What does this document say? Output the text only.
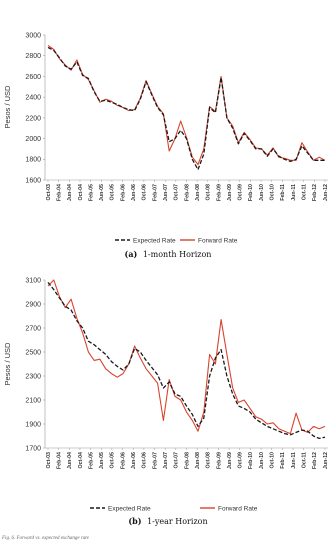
Pesos / USD
1600
1800
2000
2200
2400
2600
2800
3000
Oct-03 Feb-04 Jun-04 Oct-04 Feb-05 Jun-05 Oct-05 Feb-06 Jun-06 Oct-06 Feb-07 Jun-07 Oct-07 Feb-08 Jun-08 Oct-08 Feb-09 Jun-09 Oct-09 Feb-10 Jun-10 Oct-10 Feb-11 Jun-11 Oct-11 Feb-12 Jun-12
Expected Rate	Forward Rate
(a) 1-month Horizon
Pesos / USD
1700
1900
2100
2300
2500
2700
2900
3100
Oct-03 Feb-04 Jun-04 Oct-04 Feb-05 Jun-05 Oct-05 Feb-06 Jun-06 Oct-06 Feb-07 Jun-07 Oct-07 Feb-08 Jun-08 Oct-08 Feb-09 Jun-09 Oct-09 Feb-10 Jun-10 Oct-10 Feb-11 Jun-11 Oct-11 Feb-12 Jun-12
Expected Rate	Forward Rate
(b) 1-year Horizon
Fig. 6. Forward vs. expected exchange rate
